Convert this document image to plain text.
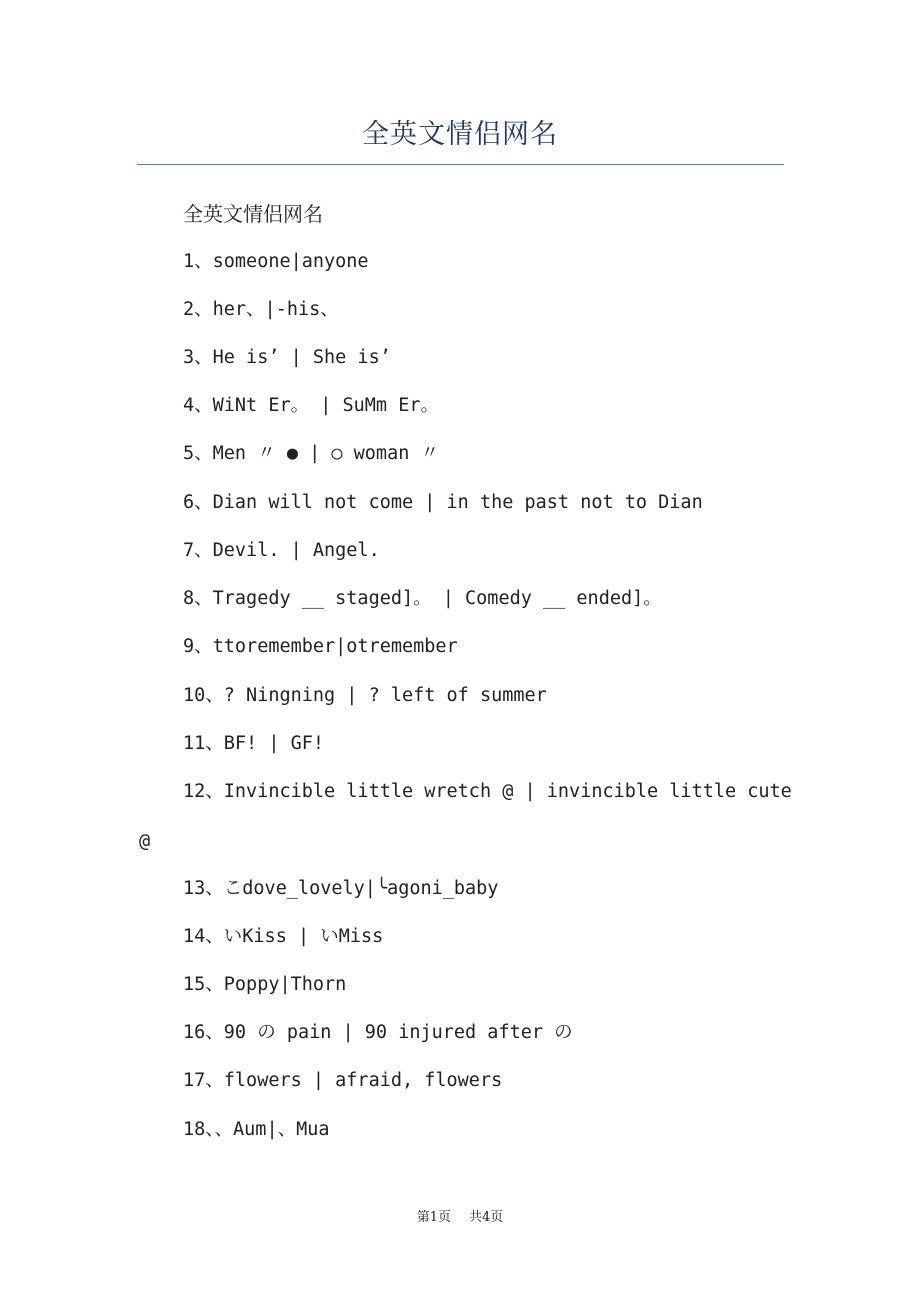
全英文情侣网名
全英文情侣网名
1、someone|anyone
2、her、|-his、
3、He is’ | She is’
4、WiNt Er。 | SuMm Er。
5、Men 〃 ● | ○ woman 〃
6、Dian will not come | in the past not to Dian
7、Devil. | Angel.
8、Tragedy __ staged]。 | Comedy __ ended]。
9、ttoremember|otremember
10、? Ningning | ? left of summer
11、BF! | GF!
12、Invincible little wretch @ | invincible little cute
13、こdove_lovely|╰agoni_baby
14、いKiss | いMiss
15、Poppy|Thorn
16、90 の pain | 90 injured after の
17、flowers | afraid, flowers
18、、Aum|、Mua
@
第1页 共4页
